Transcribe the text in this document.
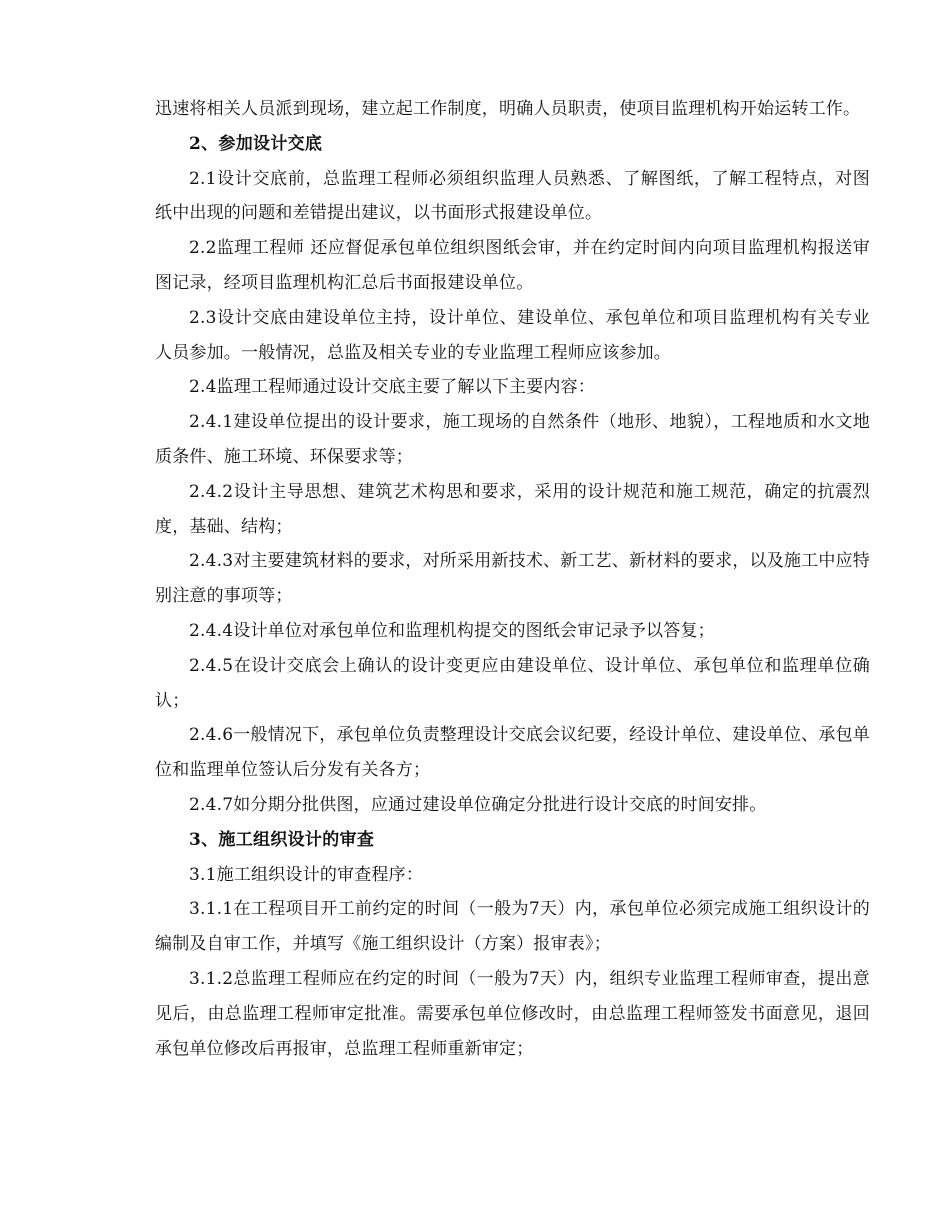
迅速将相关人员派到现场，建立起工作制度，明确人员职责，使项目监理机构开始运转工作。

2、参加设计交底

2.1设计交底前，总监理工程师必须组织监理人员熟悉、了解图纸，了解工程特点，对图纸中出现的问题和差错提出建议，以书面形式报建设单位。

2.2监理工程师 还应督促承包单位组织图纸会审，并在约定时间内向项目监理机构报送审图记录，经项目监理机构汇总后书面报建设单位。

2.3设计交底由建设单位主持，设计单位、建设单位、承包单位和项目监理机构有关专业人员参加。一般情况，总监及相关专业的专业监理工程师应该参加。

2.4监理工程师通过设计交底主要了解以下主要内容：

2.4.1建设单位提出的设计要求，施工现场的自然条件（地形、地貌），工程地质和水文地质条件、施工环境、环保要求等；

2.4.2设计主导思想、建筑艺术构思和要求，采用的设计规范和施工规范，确定的抗震烈度，基础、结构；

2.4.3对主要建筑材料的要求，对所采用新技术、新工艺、新材料的要求，以及施工中应特别注意的事项等；

2.4.4设计单位对承包单位和监理机构提交的图纸会审记录予以答复；

2.4.5在设计交底会上确认的设计变更应由建设单位、设计单位、承包单位和监理单位确认；

2.4.6一般情况下，承包单位负责整理设计交底会议纪要，经设计单位、建设单位、承包单位和监理单位签认后分发有关各方；

2.4.7如分期分批供图，应通过建设单位确定分批进行设计交底的时间安排。

3、施工组织设计的审查

3.1施工组织设计的审查程序：

3.1.1在工程项目开工前约定的时间（一般为7天）内，承包单位必须完成施工组织设计的编制及自审工作，并填写《施工组织设计（方案）报审表》；

3.1.2总监理工程师应在约定的时间（一般为7天）内，组织专业监理工程师审查，提出意见后，由总监理工程师审定批准。需要承包单位修改时，由总监理工程师签发书面意见，退回承包单位修改后再报审，总监理工程师重新审定；
